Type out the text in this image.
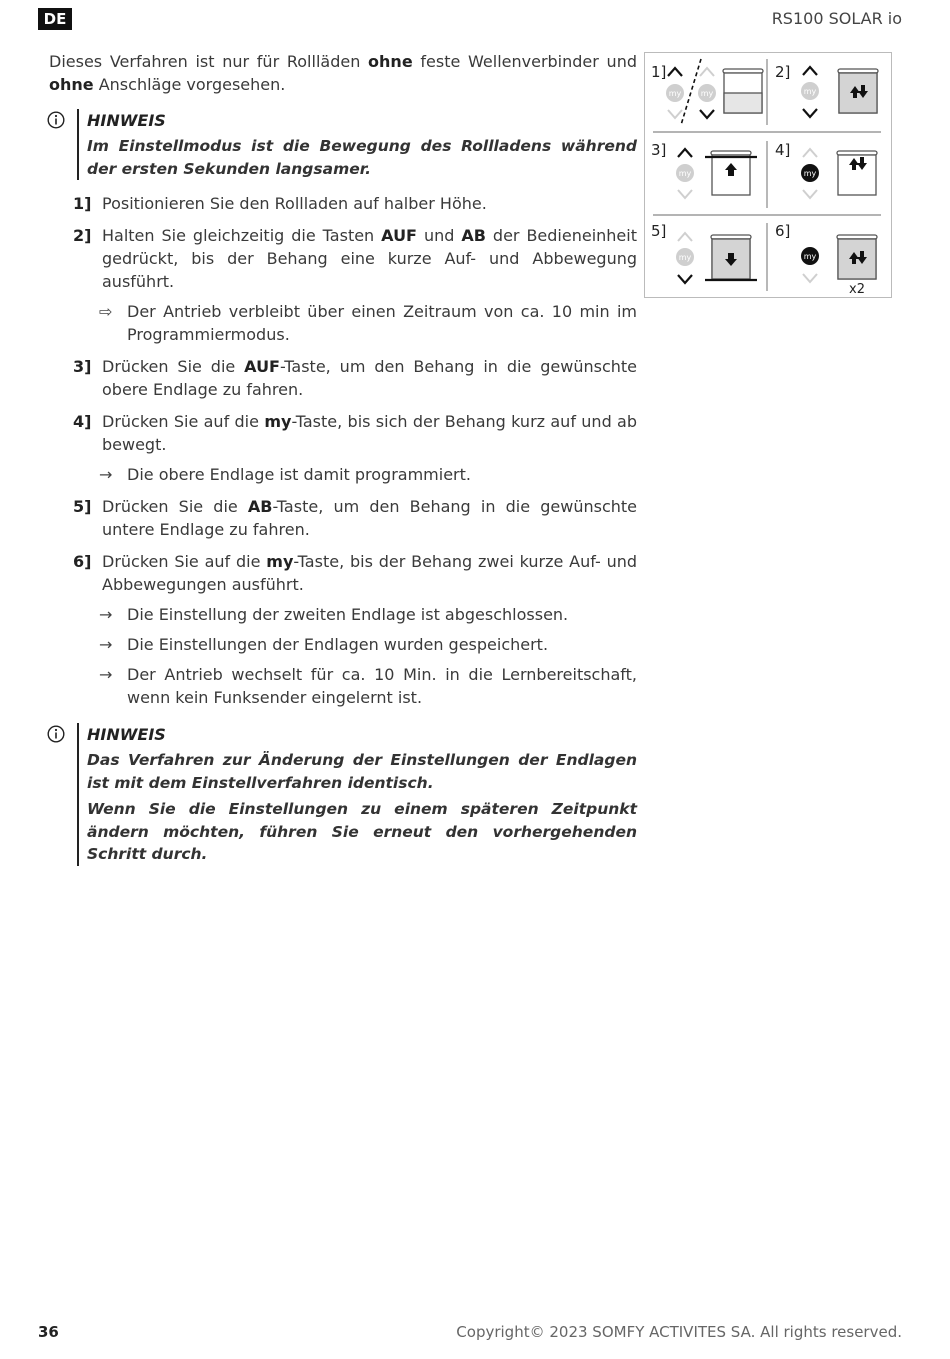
DE	RS100 SOLAR io

Dieses Verfahren ist nur für Rollläden ohne feste Wellenverbinder und ohne Anschläge vorgesehen.

HINWEIS

Im Einstellmodus ist die Bewegung des Rollladens während der ersten Sekunden langsamer.

1] Positionieren Sie den Rollladen auf halber Höhe.
2] Halten Sie gleichzeitig die Tasten AUF und AB der Bedieneinheit gedrückt, bis der Behang eine kurze Auf- und Abbewegung ausführt.
⇨ Der Antrieb verbleibt über einen Zeitraum von ca. 10 min im Programmiermodus.
3] Drücken Sie die AUF-Taste, um den Behang in die gewünschte obere Endlage zu fahren.
4] Drücken Sie auf die my-Taste, bis sich der Behang kurz auf und ab bewegt.
→ Die obere Endlage ist damit programmiert.
5] Drücken Sie die AB-Taste, um den Behang in die gewünschte untere Endlage zu fahren.
6] Drücken Sie auf die my-Taste, bis der Behang zwei kurze Auf- und Abbewegungen ausführt.
→ Die Einstellung der zweiten Endlage ist abgeschlossen.
→ Die Einstellungen der Endlagen wurden gespeichert.
→ Der Antrieb wechselt für ca. 10 Min. in die Lernbereitschaft, wenn kein Funksender eingelernt ist.
HINWEIS

Das Verfahren zur Änderung der Einstellungen der Endlagen ist mit dem Einstellverfahren identisch.

Wenn Sie die Einstellungen zu einem späteren Zeitpunkt ändern möchten, führen Sie erneut den vorhergehenden Schritt durch.

1]
my my
2]
my
3]
my
4]
my
5]
my
6]
my
x2
36	Copyright© 2023 SOMFY ACTIVITES SA. All rights reserved.
